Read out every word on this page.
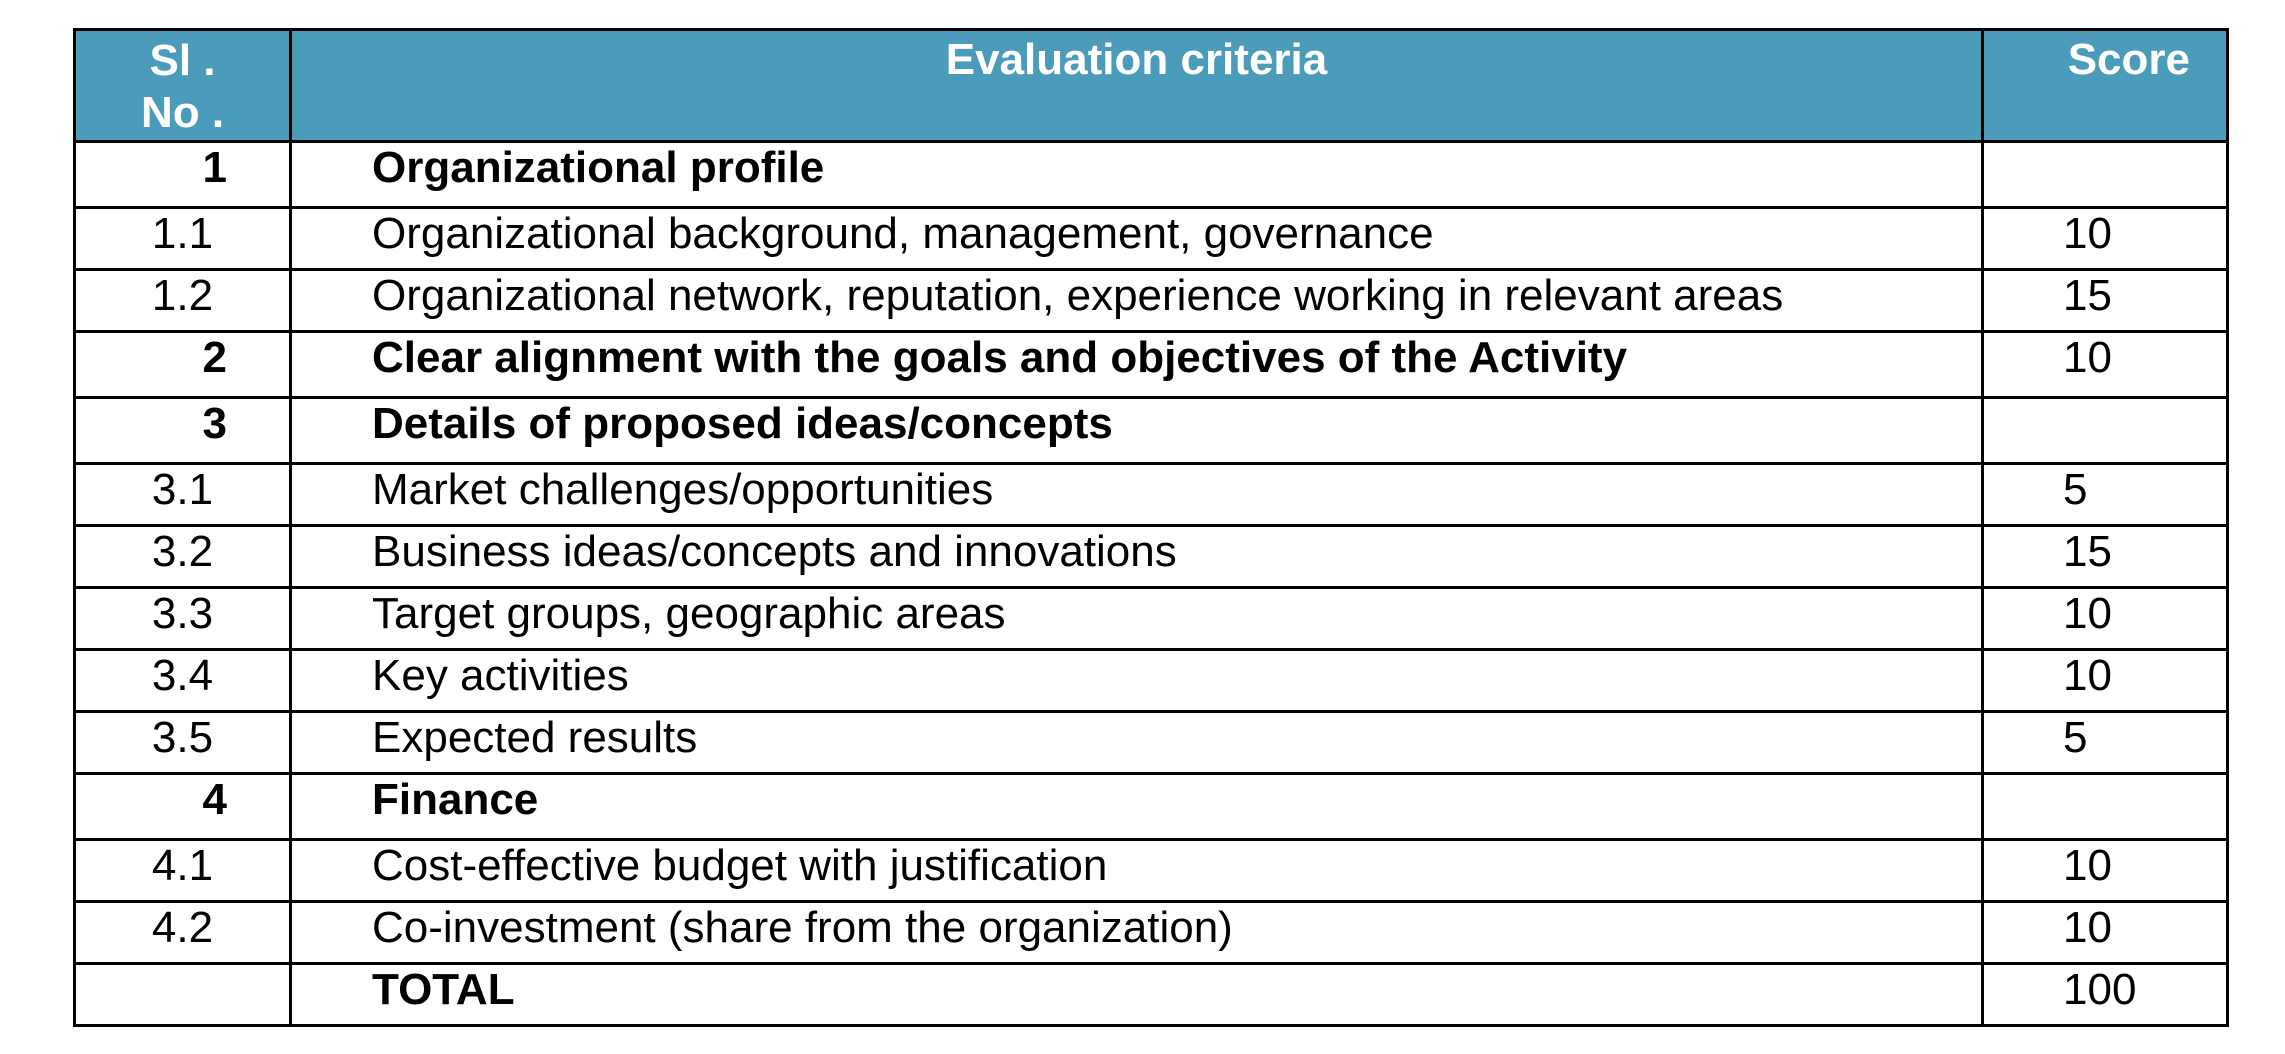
Sl .
No .	Evaluation criteria	Score
1	Organizational profile	
1.1	Organizational background, management, governance	10
1.2	Organizational network, reputation, experience working in relevant areas	15
2	Clear alignment with the goals and objectives of the Activity	10
3	Details of proposed ideas/concepts	
3.1	Market challenges/opportunities	5
3.2	Business ideas/concepts and innovations	15
3.3	Target groups, geographic areas	10
3.4	Key activities	10
3.5	Expected results	5
4	Finance	
4.1	Cost-effective budget with justification	10
4.2	Co-investment (share from the organization)	10
	TOTAL	100
